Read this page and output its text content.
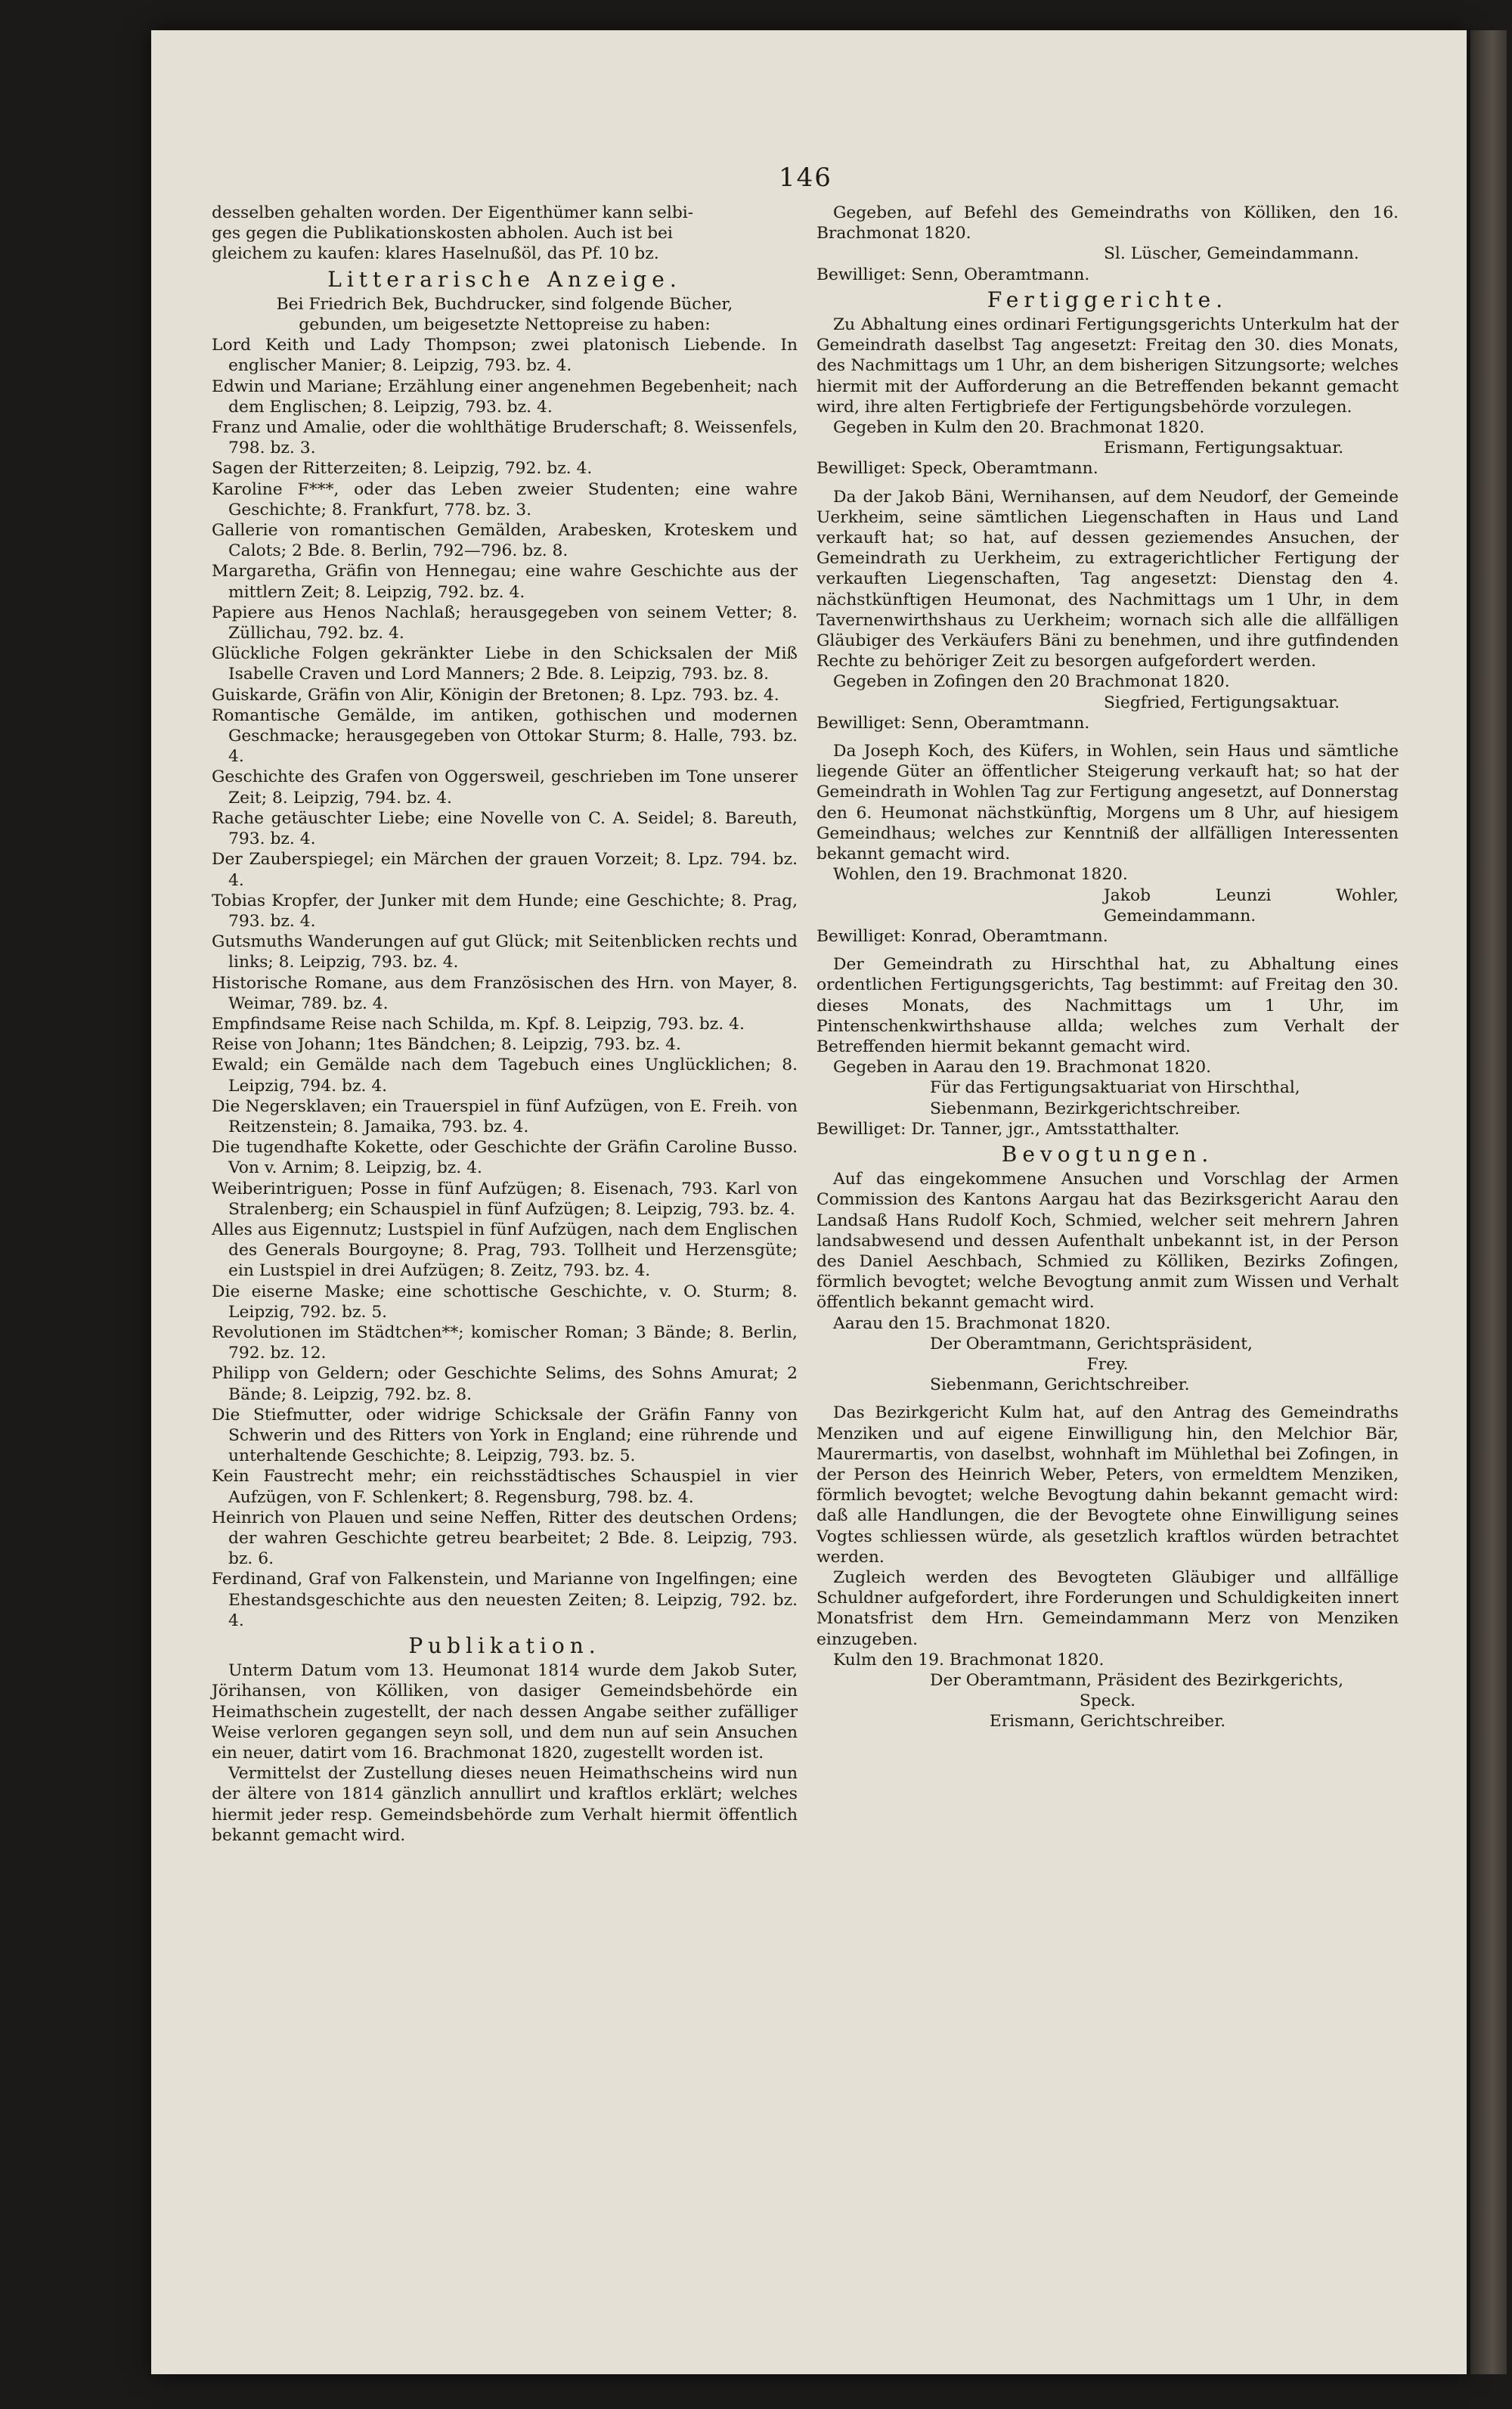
146

desselben gehalten worden. Der Eigenthümer kann selbi-

ges gegen die Publikationskosten abholen. Auch ist bei

gleichem zu kaufen: klares Haselnußöl, das Pf. 10 bz.

Litterarische Anzeige.

Bei Friedrich Bek, Buchdrucker, sind folgende Bücher,

gebunden, um beigesetzte Nettopreise zu haben:

Lord Keith und Lady Thompson; zwei platonisch Liebende. In englischer Manier; 8. Leipzig, 793. bz. 4.

Edwin und Mariane; Erzählung einer angenehmen Begebenheit; nach dem Englischen; 8. Leipzig, 793. bz. 4.

Franz und Amalie, oder die wohlthätige Bruderschaft; 8. Weissenfels, 798. bz. 3.

Sagen der Ritterzeiten; 8. Leipzig, 792. bz. 4.

Karoline F***, oder das Leben zweier Studenten; eine wahre Geschichte; 8. Frankfurt, 778. bz. 3.

Gallerie von romantischen Gemälden, Arabesken, Kroteskem und Calots; 2 Bde. 8. Berlin, 792—796. bz. 8.

Margaretha, Gräfin von Hennegau; eine wahre Geschichte aus der mittlern Zeit; 8. Leipzig, 792. bz. 4.

Papiere aus Henos Nachlaß; herausgegeben von seinem Vetter; 8. Züllichau, 792. bz. 4.

Glückliche Folgen gekränkter Liebe in den Schicksalen der Miß Isabelle Craven und Lord Manners; 2 Bde. 8. Leipzig, 793. bz. 8.

Guiskarde, Gräfin von Alir, Königin der Bretonen; 8. Lpz. 793. bz. 4.

Romantische Gemälde, im antiken, gothischen und modernen Geschmacke; herausgegeben von Ottokar Sturm; 8. Halle, 793. bz. 4.

Geschichte des Grafen von Oggersweil, geschrieben im Tone unserer Zeit; 8. Leipzig, 794. bz. 4.

Rache getäuschter Liebe; eine Novelle von C. A. Seidel; 8. Bareuth, 793. bz. 4.

Der Zauberspiegel; ein Märchen der grauen Vorzeit; 8. Lpz. 794. bz. 4.

Tobias Kropfer, der Junker mit dem Hunde; eine Geschichte; 8. Prag, 793. bz. 4.

Gutsmuths Wanderungen auf gut Glück; mit Seitenblicken rechts und links; 8. Leipzig, 793. bz. 4.

Historische Romane, aus dem Französischen des Hrn. von Mayer, 8. Weimar, 789. bz. 4.

Empfindsame Reise nach Schilda, m. Kpf. 8. Leipzig, 793. bz. 4.

Reise von Johann; 1tes Bändchen; 8. Leipzig, 793. bz. 4.

Ewald; ein Gemälde nach dem Tagebuch eines Unglücklichen; 8. Leipzig, 794. bz. 4.

Die Negersklaven; ein Trauerspiel in fünf Aufzügen, von E. Freih. von Reitzenstein; 8. Jamaika, 793. bz. 4.

Die tugendhafte Kokette, oder Geschichte der Gräfin Caroline Busso. Von v. Arnim; 8. Leipzig, bz. 4.

Weiberintriguen; Posse in fünf Aufzügen; 8. Eisenach, 793. Karl von Stralenberg; ein Schauspiel in fünf Aufzügen; 8. Leipzig, 793. bz. 4.

Alles aus Eigennutz; Lustspiel in fünf Aufzügen, nach dem Englischen des Generals Bourgoyne; 8. Prag, 793. Tollheit und Herzensgüte; ein Lustspiel in drei Aufzügen; 8. Zeitz, 793. bz. 4.

Die eiserne Maske; eine schottische Geschichte, v. O. Sturm; 8. Leipzig, 792. bz. 5.

Revolutionen im Städtchen**; komischer Roman; 3 Bände; 8. Berlin, 792. bz. 12.

Philipp von Geldern; oder Geschichte Selims, des Sohns Amurat; 2 Bände; 8. Leipzig, 792. bz. 8.

Die Stiefmutter, oder widrige Schicksale der Gräfin Fanny von Schwerin und des Ritters von York in England; eine rührende und unterhaltende Geschichte; 8. Leipzig, 793. bz. 5.

Kein Faustrecht mehr; ein reichsstädtisches Schauspiel in vier Aufzügen, von F. Schlenkert; 8. Regensburg, 798. bz. 4.

Heinrich von Plauen und seine Neffen, Ritter des deutschen Ordens; der wahren Geschichte getreu bearbeitet; 2 Bde. 8. Leipzig, 793. bz. 6.

Ferdinand, Graf von Falkenstein, und Marianne von Ingelfingen; eine Ehestandsgeschichte aus den neuesten Zeiten; 8. Leipzig, 792. bz. 4.

Publikation.

Unterm Datum vom 13. Heumonat 1814 wurde dem Jakob Suter, Jörihansen, von Kölliken, von dasiger Gemeindsbehörde ein Heimathschein zugestellt, der nach dessen Angabe seither zufälliger Weise verloren gegangen seyn soll, und dem nun auf sein Ansuchen ein neuer, datirt vom 16. Brachmonat 1820, zugestellt worden ist.

Vermittelst der Zustellung dieses neuen Heimathscheins wird nun der ältere von 1814 gänzlich annullirt und kraftlos erklärt; welches hiermit jeder resp. Gemeindsbehörde zum Verhalt hiermit öffentlich bekannt gemacht wird.

Gegeben, auf Befehl des Gemeindraths von Kölliken, den 16. Brachmonat 1820.

Sl. Lüscher, Gemeindammann.

Bewilliget: Senn, Oberamtmann.

Fertiggerichte.

Zu Abhaltung eines ordinari Fertigungsgerichts Unterkulm hat der Gemeindrath daselbst Tag angesetzt: Freitag den 30. dies Monats, des Nachmittags um 1 Uhr, an dem bisherigen Sitzungsorte; welches hiermit mit der Aufforderung an die Betreffenden bekannt gemacht wird, ihre alten Fertigbriefe der Fertigungsbehörde vorzulegen.

Gegeben in Kulm den 20. Brachmonat 1820.

Erismann, Fertigungsaktuar.

Bewilliget: Speck, Oberamtmann.

Da der Jakob Bäni, Wernihansen, auf dem Neudorf, der Gemeinde Uerkheim, seine sämtlichen Liegenschaften in Haus und Land verkauft hat; so hat, auf dessen geziemendes Ansuchen, der Gemeindrath zu Uerkheim, zu extragerichtlicher Fertigung der verkauften Liegenschaften, Tag angesetzt: Dienstag den 4. nächstkünftigen Heumonat, des Nachmittags um 1 Uhr, in dem Tavernenwirthshaus zu Uerkheim; wornach sich alle die allfälligen Gläubiger des Verkäufers Bäni zu benehmen, und ihre gutfindenden Rechte zu behöriger Zeit zu besorgen aufgefordert werden.

Gegeben in Zofingen den 20 Brachmonat 1820.

Siegfried, Fertigungsaktuar.

Bewilliget: Senn, Oberamtmann.

Da Joseph Koch, des Küfers, in Wohlen, sein Haus und sämtliche liegende Güter an öffentlicher Steigerung verkauft hat; so hat der Gemeindrath in Wohlen Tag zur Fertigung angesetzt, auf Donnerstag den 6. Heumonat nächstkünftig, Morgens um 8 Uhr, auf hiesigem Gemeindhaus; welches zur Kenntniß der allfälligen Interessenten bekannt gemacht wird.

Wohlen, den 19. Brachmonat 1820.

Jakob Leunzi Wohler, Gemeindammann.

Bewilliget: Konrad, Oberamtmann.

Der Gemeindrath zu Hirschthal hat, zu Abhaltung eines ordentlichen Fertigungsgerichts, Tag bestimmt: auf Freitag den 30. dieses Monats, des Nachmittags um 1 Uhr, im Pintenschenkwirthshause allda; welches zum Verhalt der Betreffenden hiermit bekannt gemacht wird.

Gegeben in Aarau den 19. Brachmonat 1820.

Für das Fertigungsaktuariat von Hirschthal,

Siebenmann, Bezirkgerichtschreiber.

Bewilliget: Dr. Tanner, jgr., Amtsstatthalter.

Bevogtungen.

Auf das eingekommene Ansuchen und Vorschlag der Armen Commission des Kantons Aargau hat das Bezirksgericht Aarau den Landsaß Hans Rudolf Koch, Schmied, welcher seit mehrern Jahren landsabwesend und dessen Aufenthalt unbekannt ist, in der Person des Daniel Aeschbach, Schmied zu Kölliken, Bezirks Zofingen, förmlich bevogtet; welche Bevogtung anmit zum Wissen und Verhalt öffentlich bekannt gemacht wird.

Aarau den 15. Brachmonat 1820.

Der Oberamtmann, Gerichtspräsident,

Frey.

Siebenmann, Gerichtschreiber.

Das Bezirkgericht Kulm hat, auf den Antrag des Gemeindraths Menziken und auf eigene Einwilligung hin, den Melchior Bär, Maurermartis, von daselbst, wohnhaft im Mühlethal bei Zofingen, in der Person des Heinrich Weber, Peters, von ermeldtem Menziken, förmlich bevogtet; welche Bevogtung dahin bekannt gemacht wird: daß alle Handlungen, die der Bevogtete ohne Einwilligung seines Vogtes schliessen würde, als gesetzlich kraftlos würden betrachtet werden.

Zugleich werden des Bevogteten Gläubiger und allfällige Schuldner aufgefordert, ihre Forderungen und Schuldigkeiten innert Monatsfrist dem Hrn. Gemeindammann Merz von Menziken einzugeben.

Kulm den 19. Brachmonat 1820.

Der Oberamtmann, Präsident des Bezirkgerichts,

Speck.

Erismann, Gerichtschreiber.
